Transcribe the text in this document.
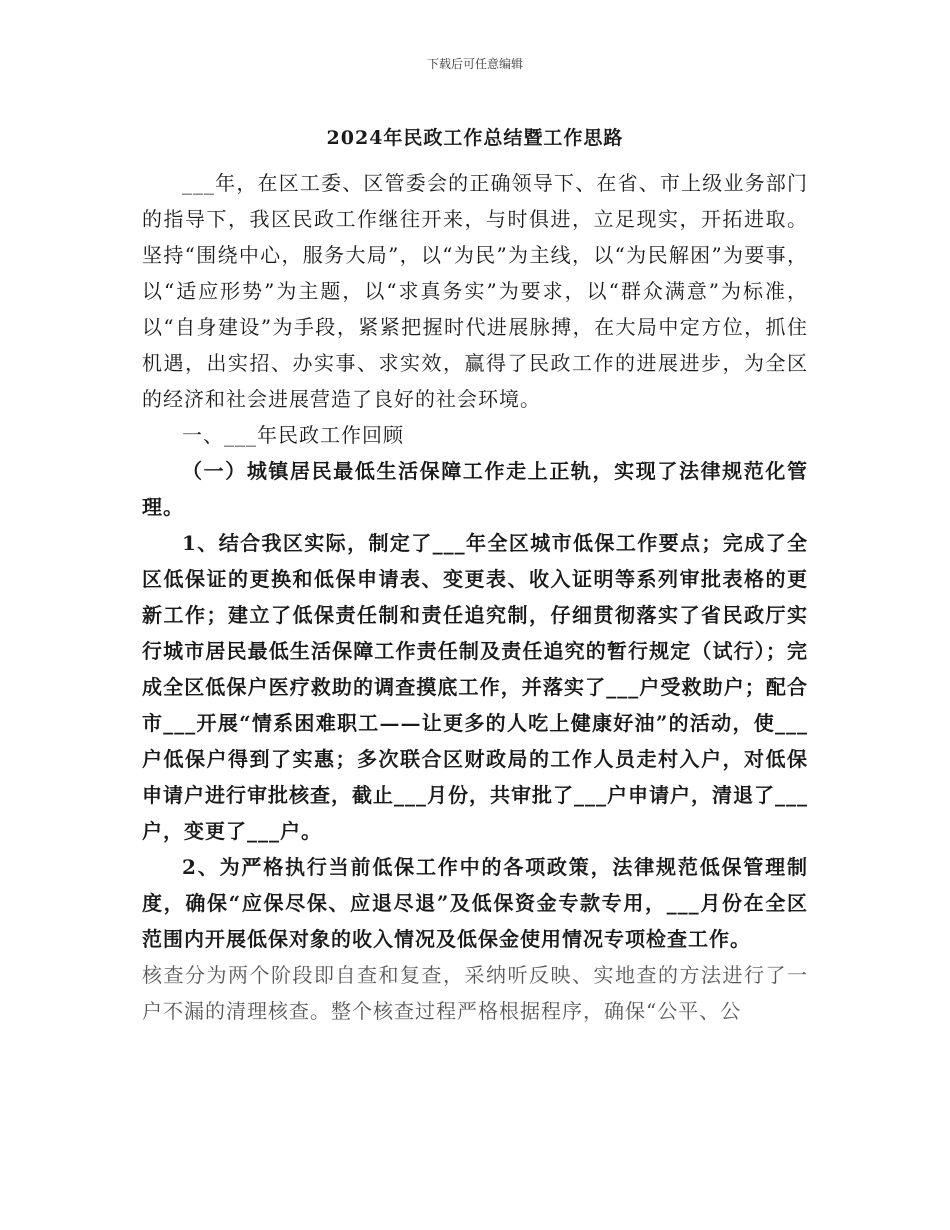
下载后可任意编辑
2024年民政工作总结暨工作思路

___年，在区工委、区管委会的正确领导下、在省、市上级业务部门的指导下，我区民政工作继往开来，与时俱进，立足现实，开拓进取。坚持“围绕中心，服务大局”，以“为民”为主线，以“为民解困”为要事，以“适应形势”为主题，以“求真务实”为要求，以“群众满意”为标准，以“自身建设”为手段，紧紧把握时代进展脉搏，在大局中定方位，抓住机遇，出实招、办实事、求实效，赢得了民政工作的进展进步，为全区的经济和社会进展营造了良好的社会环境。

一、___年民政工作回顾

（一）城镇居民最低生活保障工作走上正轨，实现了法律规范化管理。

1、结合我区实际，制定了___年全区城市低保工作要点；完成了全区低保证的更换和低保申请表、变更表、收入证明等系列审批表格的更新工作；建立了低保责任制和责任追究制，仔细贯彻落实了省民政厅实行城市居民最低生活保障工作责任制及责任追究的暂行规定（试行）；完成全区低保户医疗救助的调查摸底工作，并落实了___户受救助户；配合市___开展“情系困难职工——让更多的人吃上健康好油”的活动，使___户低保户得到了实惠；多次联合区财政局的工作人员走村入户，对低保申请户进行审批核查，截止___月份，共审批了___户申请户，清退了___户，变更了___户。

2、为严格执行当前低保工作中的各项政策，法律规范低保管理制度，确保“应保尽保、应退尽退”及低保资金专款专用，___月份在全区范围内开展低保对象的收入情况及低保金使用情况专项检查工作。

核查分为两个阶段即自查和复查，采纳听反映、实地查的方法进行了一户不漏的清理核查。整个核查过程严格根据程序，确保“公平、公
